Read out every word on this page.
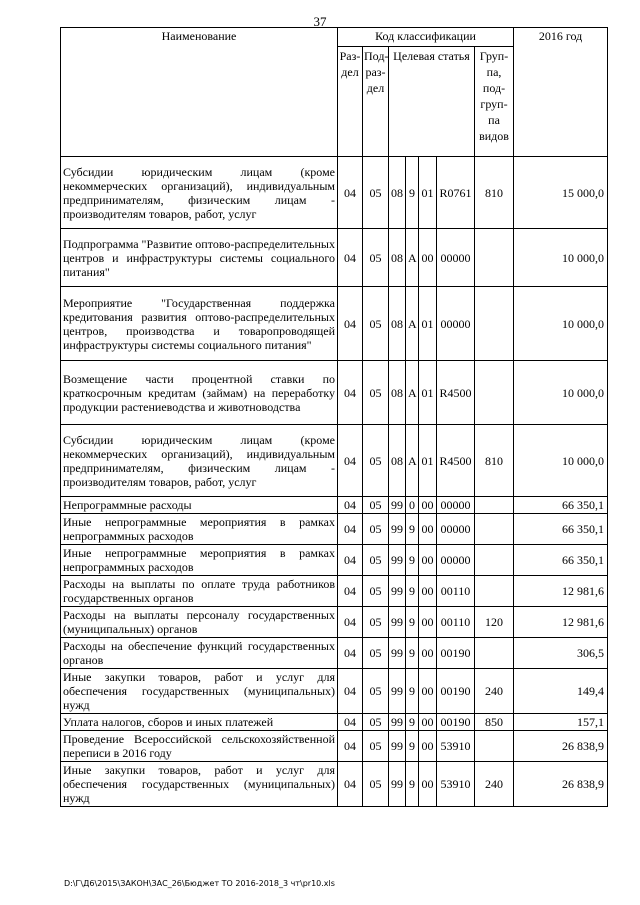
37
Наименование	Код классификации							2016 год
	Раз-дел	Под-раз-дел	Целевая статья				Груп-па, под-груп-па видов	
Субсидии юридическим лицам (кроме некоммерческих организаций), индивидуальным предпринимателям, физическим лицам - производителям товаров, работ, услуг	04	05	08	9	01	R0761	810	15 000,0
Подпрограмма "Развитие оптово-распределительных центров и инфраструктуры системы социального питания"	04	05	08	А	00	00000		10 000,0
Мероприятие "Государственная поддержка кредитования развития оптово-распределительных центров, производства и товаропроводящей инфраструктуры системы социального питания"	04	05	08	А	01	00000		10 000,0
Возмещение части процентной ставки по краткосрочным кредитам (займам) на переработку продукции растениеводства и животноводства	04	05	08	А	01	R4500		10 000,0
Субсидии юридическим лицам (кроме некоммерческих организаций), индивидуальным предпринимателям, физическим лицам - производителям товаров, работ, услуг	04	05	08	А	01	R4500	810	10 000,0
Непрограммные расходы	04	05	99	0	00	00000		66 350,1
Иные непрограммные мероприятия в рамках непрограммных расходов	04	05	99	9	00	00000		66 350,1
Иные непрограммные мероприятия в рамках непрограммных расходов	04	05	99	9	00	00000		66 350,1
Расходы на выплаты по оплате труда работников государственных органов	04	05	99	9	00	00110		12 981,6
Расходы на выплаты персоналу государственных (муниципальных) органов	04	05	99	9	00	00110	120	12 981,6
Расходы на обеспечение функций государственных органов	04	05	99	9	00	00190		306,5
Иные закупки товаров, работ и услуг для обеспечения государственных (муниципальных) нужд	04	05	99	9	00	00190	240	149,4
Уплата налогов, сборов и иных платежей	04	05	99	9	00	00190	850	157,1
Проведение Всероссийской сельскохозяйственной переписи в 2016 году	04	05	99	9	00	53910		26 838,9
Иные закупки товаров, работ и услуг для обеспечения государственных (муниципальных) нужд	04	05	99	9	00	53910	240	26 838,9
D:\Г\Д6\2015\ЗАКОН\ЗАС_26\Бюджет ТО 2016-2018_3 чт\pr10.xls
